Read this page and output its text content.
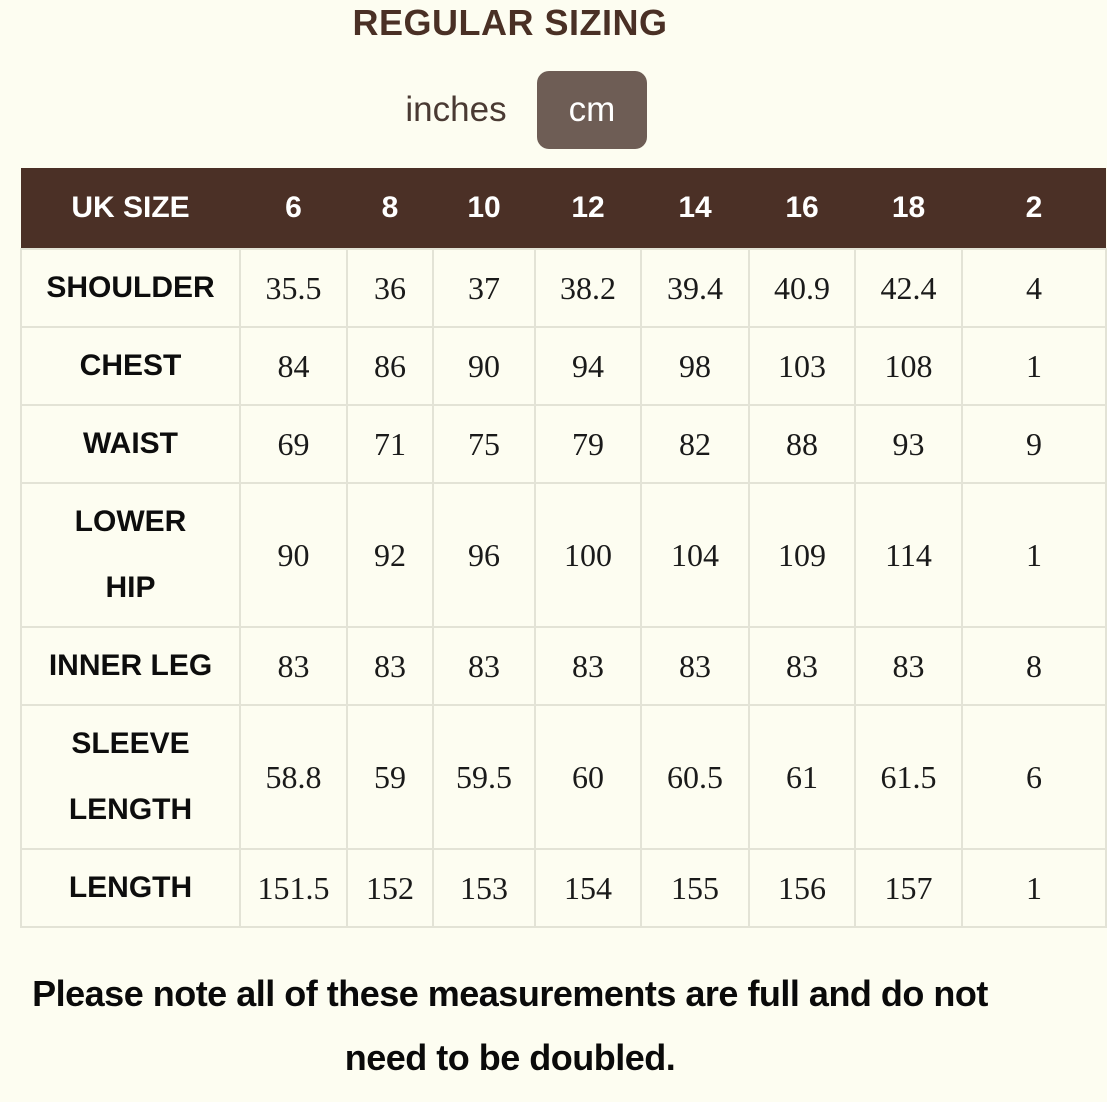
REGULAR SIZING
inches	cm
UK SIZE	6	8	10	12	14	16	18	2

SHOULDER	35.5	36	37	38.2	39.4	40.9	42.4	4

CHEST	84	86	90	94	98	103	108	1

WAIST	69	71	75	79	82	88	93	9

LOWER
HIP	90	92	96	100	104	109	114	1

INNER LEG	83	83	83	83	83	83	83	8

SLEEVE
LENGTH	58.8	59	59.5	60	60.5	61	61.5	6

LENGTH	151.5	152	153	154	155	156	157	1
Please note all of these measurements are full and do not need to be doubled.
